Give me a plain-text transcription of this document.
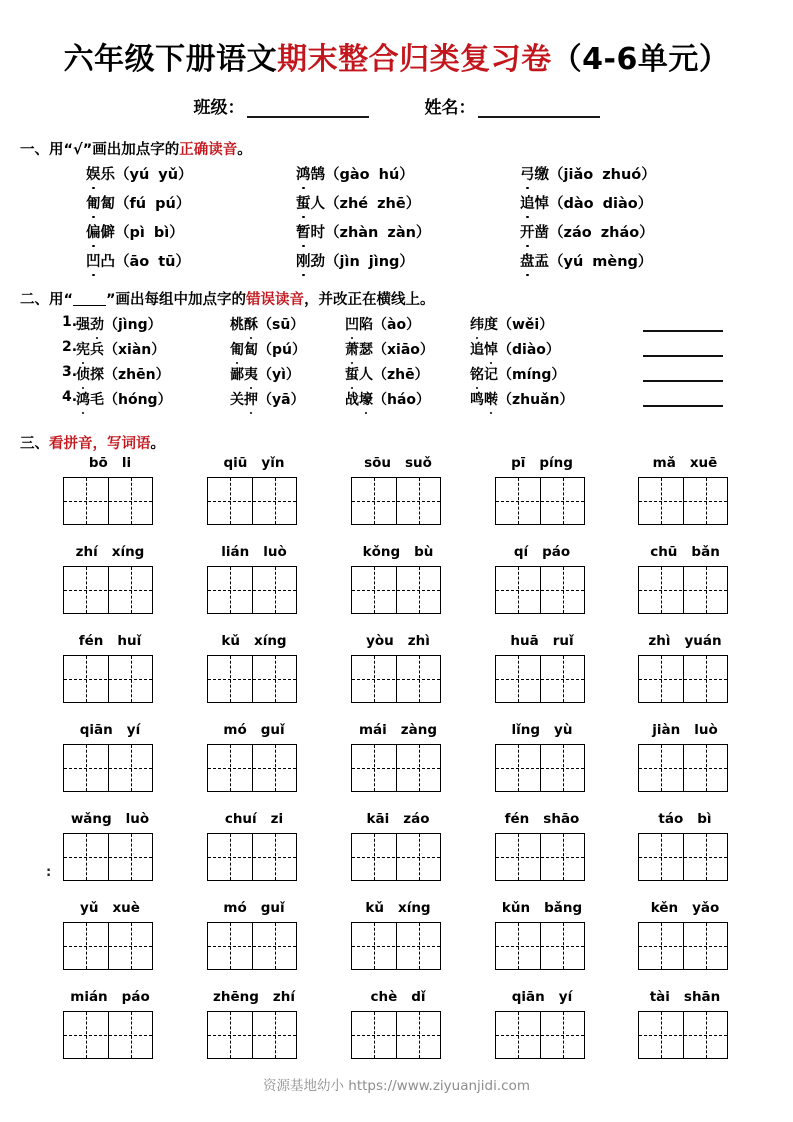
六年级下册语文期末整合归类复习卷（4-6单元）
班级：	姓名：
一、用“√”画出加点字的正确读音。
娱乐（yú yǔ）	鸿鹄（gào hú）	弓缴（jiǎo zhuó）
匍匐（fú pú）	蜇人（zhé zhē）	追悼（dào diào）
偏僻（pì bì）	暂时（zhàn zàn）	开凿（záo zháo）
凹凸（āo tū）	刚劲（jìn jìng）	盘盂（yú mèng）
二、用“　　 ”画出每组中加点字的错误读音，并改正在横线上。
1.
强劲（jìng）	桃酥（sū）	凹陷（ào）	纬度（wěi）
2.
宪兵（xiàn）	匍匐（pú）	萧瑟（xiāo）	追悼（diào）
3.
侦探（zhēn）	鄙夷（yì）	蜇人（zhē）	铭记（míng）
4.
鸿毛（hóng）	关押（yā）	战壕（háo）	鸣啭（zhuǎn）
三、看拼音，写词语。
bō li	qiū yǐn	sōu suǒ	pī píng	mǎ xuē
zhí xíng	lián luò	kǒng bù	qí páo	chū bǎn
fén huǐ	kǔ xíng	yòu zhì	huā ruǐ	zhì yuán
qiān yí	mó guǐ	mái zàng	lǐng yù	jiàn luò
wǎng luò	chuí zi	kāi záo	fén shāo	táo bì
yǔ xuè	mó guǐ	kǔ xíng	kǔn bǎng	kěn yǎo
mián páo	zhēng zhí	chè dǐ	qiān yí	tài shān
:
资源基地幼小 https://www.ziyuanjidi.com
